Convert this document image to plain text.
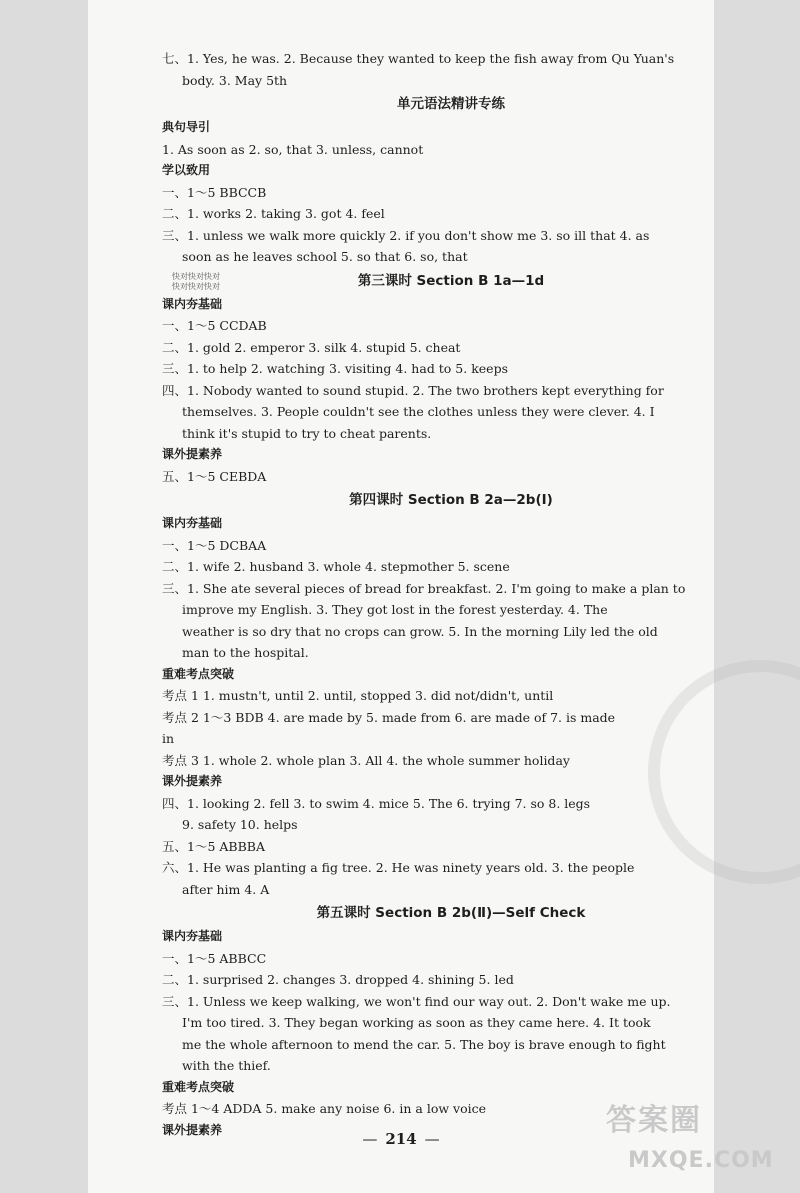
七、1. Yes, he was. 2. Because they wanted to keep the fish away from Qu Yuan's
body. 3. May 5th
单元语法精讲专练
典句导引
1. As soon as 2. so, that 3. unless, cannot
学以致用
一、1～5 BBCCB
二、1. works 2. taking 3. got 4. feel
三、1. unless we walk more quickly 2. if you don't show me 3. so ill that 4. as
soon as he leaves school 5. so that 6. so, that
第三课时 Section B 1a—1d
课内夯基础
一、1～5 CCDAB
二、1. gold 2. emperor 3. silk 4. stupid 5. cheat
三、1. to help 2. watching 3. visiting 4. had to 5. keeps
四、1. Nobody wanted to sound stupid. 2. The two brothers kept everything for
themselves. 3. People couldn't see the clothes unless they were clever. 4. I
think it's stupid to try to cheat parents.
课外提素养
五、1～5 CEBDA
第四课时 Section B 2a—2b(Ⅰ)
课内夯基础
一、1～5 DCBAA
二、1. wife 2. husband 3. whole 4. stepmother 5. scene
三、1. She ate several pieces of bread for breakfast. 2. I'm going to make a plan to
improve my English. 3. They got lost in the forest yesterday. 4. The
weather is so dry that no crops can grow. 5. In the morning Lily led the old
man to the hospital.
重难考点突破
考点 1 1. mustn't, until 2. until, stopped 3. did not/didn't, until
考点 2 1～3 BDB 4. are made by 5. made from 6. are made of 7. is made
in
考点 3 1. whole 2. whole plan 3. All 4. the whole summer holiday
课外提素养
四、1. looking 2. fell 3. to swim 4. mice 5. The 6. trying 7. so 8. legs
9. safety 10. helps
五、1～5 ABBBA
六、1. He was planting a fig tree. 2. He was ninety years old. 3. the people
after him 4. A
第五课时 Section B 2b(Ⅱ)—Self Check
课内夯基础
一、1～5 ABBCC
二、1. surprised 2. changes 3. dropped 4. shining 5. led
三、1. Unless we keep walking, we won't find our way out. 2. Don't wake me up.
I'm too tired. 3. They began working as soon as they came here. 4. It took
me the whole afternoon to mend the car. 5. The boy is brave enough to fight
with the thief.
重难考点突破
考点 1～4 ADDA 5. make any noise 6. in a low voice
课外提素养
快对快对快对
快对快对快对
— 214 —
答案圈
MXQE.COM
